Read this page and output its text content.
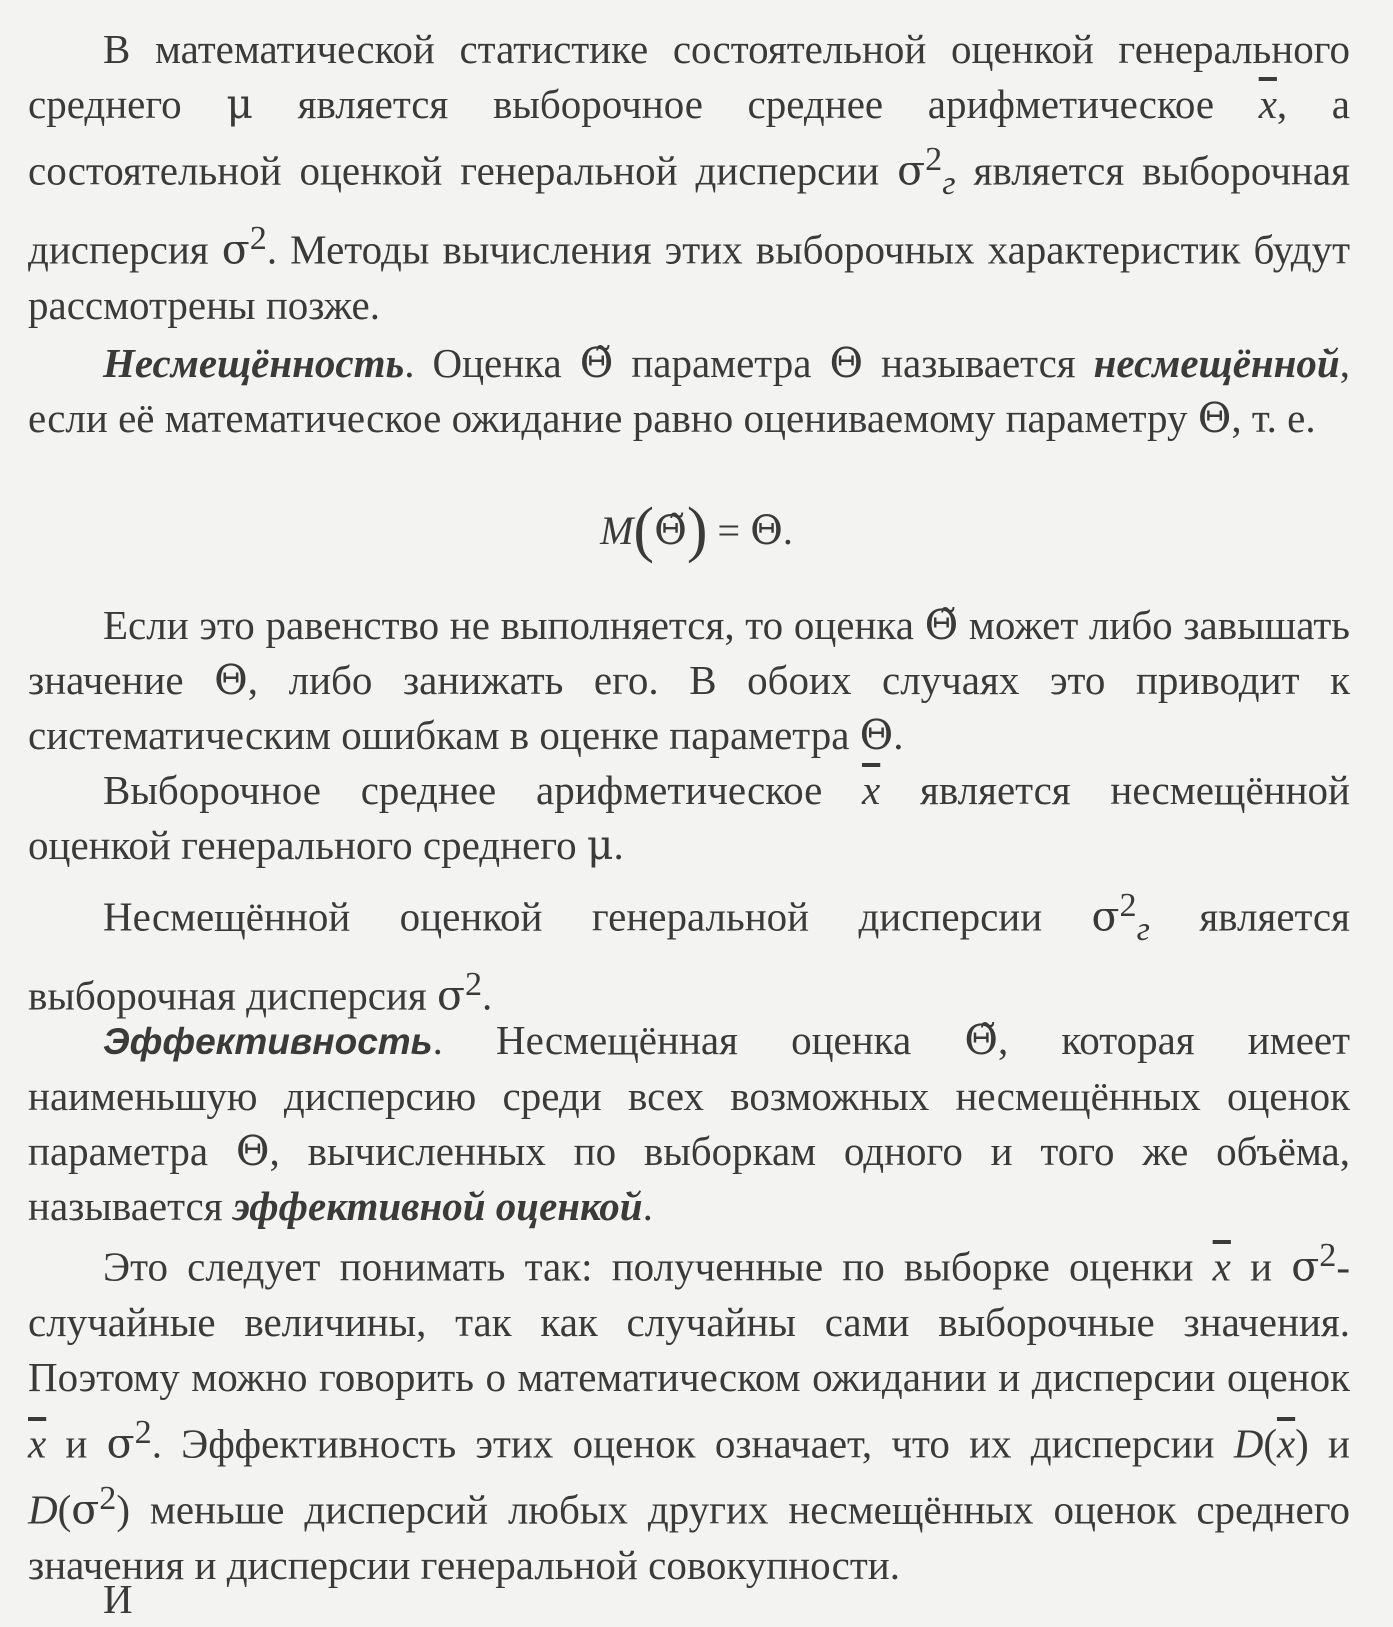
В математической статистике состоятельной оценкой генерального среднего μ является выборочное среднее арифметическое $\overline{x}$, а состоятельной оценкой генеральной дисперсии $\sigma^2_г$ является выборочная дисперсия $\sigma^2$. Методы вычисления этих выборочных характеристик будут рассмотрены позже.

Несмещённость. Оценка Θ̃ параметра Θ называется несмещённой, если её математическое ожидание равно оцениваемому параметру Θ, т. е.

M(Θ̃) = Θ.

Если это равенство не выполняется, то оценка Θ̃ может либо завышать значение Θ, либо занижать его. В обоих случаях это приводит к систематическим ошибкам в оценке параметра Θ.

Выборочное среднее арифметическое $\overline{x}$ является несмещённой оценкой генерального среднего μ.

Несмещённой оценкой генеральной дисперсии $\sigma^2_г$ является выборочная дисперсия $\sigma^2$.

Эффективность. Несмещённая оценка Θ̃, которая имеет наименьшую дисперсию среди всех возможных несмещённых оценок параметра Θ, вычисленных по выборкам одного и того же объёма, называется эффективной оценкой.

Это следует понимать так: полученные по выборке оценки $\overline{x}$ и $\sigma^2-$ случайные величины, так как случайны сами выборочные значения. Поэтому можно говорить о математическом ожидании и дисперсии оценок $\overline{x}$ и $\sigma^2$. Эффективность этих оценок означает, что их дисперсии $D(\overline{x})$ и $D(\sigma^2)$ меньше дисперсий любых других несмещённых оценок среднего значения и дисперсии генеральной совокупности.

И
